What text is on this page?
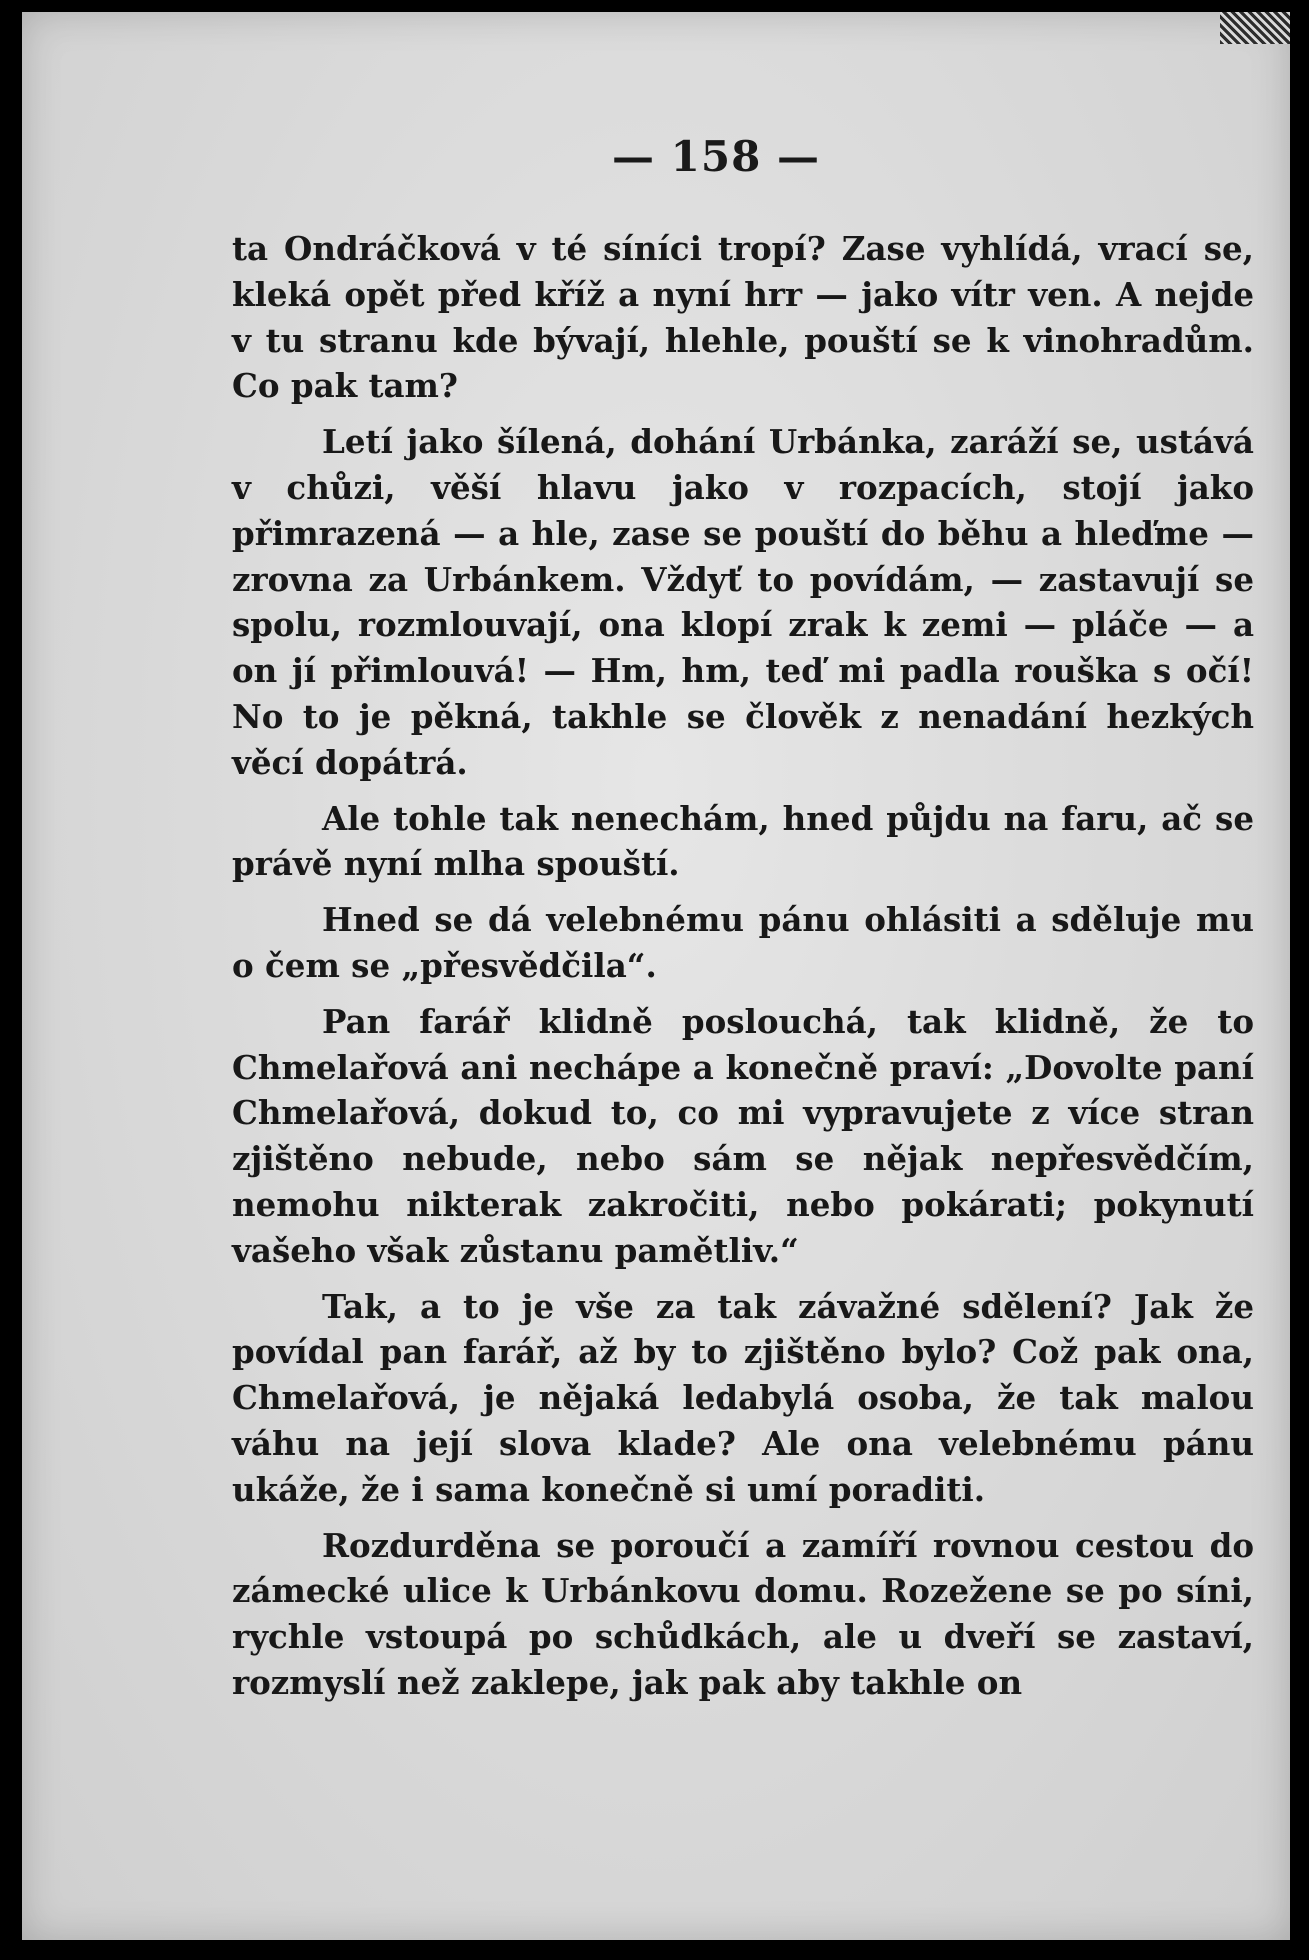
— 158 —

ta Ondráčková v té síníci tropí? Zase vyhlídá, vrací se, kleká opět před kříž a nyní hrr — jako vítr ven. A nejde v tu stranu kde bývají, hlehle, pouští se k vinohradům. Co pak tam?

Letí jako šílená, dohání Urbánka, zaráží se, ustává v chůzi, věší hlavu jako v rozpacích, stojí jako přimrazená — a hle, zase se pouští do běhu a hleďme — zrovna za Urbánkem. Vždyť to povídám, — zastavují se spolu, rozmlouvají, ona klopí zrak k zemi — pláče — a on jí přimlouvá! — Hm, hm, teď mi padla rouška s očí! No to je pěkná, takhle se člověk z nenadání hezkých věcí dopátrá.

Ale tohle tak nenechám, hned půjdu na faru, ač se právě nyní mlha spouští.

Hned se dá velebnému pánu ohlásiti a sděluje mu o čem se „přesvědčila“.

Pan farář klidně poslouchá, tak klidně, že to Chmelařová ani nechápe a konečně praví: „Dovolte paní Chmelařová, dokud to, co mi vypravujete z více stran zjištěno nebude, nebo sám se nějak nepřesvědčím, nemohu nikterak zakročiti, nebo pokárati; pokynutí vašeho však zůstanu pamětliv.“

Tak, a to je vše za tak závažné sdělení? Jak že povídal pan farář, až by to zjištěno bylo? Což pak ona, Chmelařová, je nějaká ledabylá osoba, že tak malou váhu na její slova klade? Ale ona velebnému pánu ukáže, že i sama konečně si umí poraditi.

Rozdurděna se poroučí a zamíří rovnou cestou do zámecké ulice k Urbánkovu domu. Rozežene se po síni, rychle vstoupá po schůdkách, ale u dveří se zastaví, rozmyslí než zaklepe, jak pak aby takhle on
